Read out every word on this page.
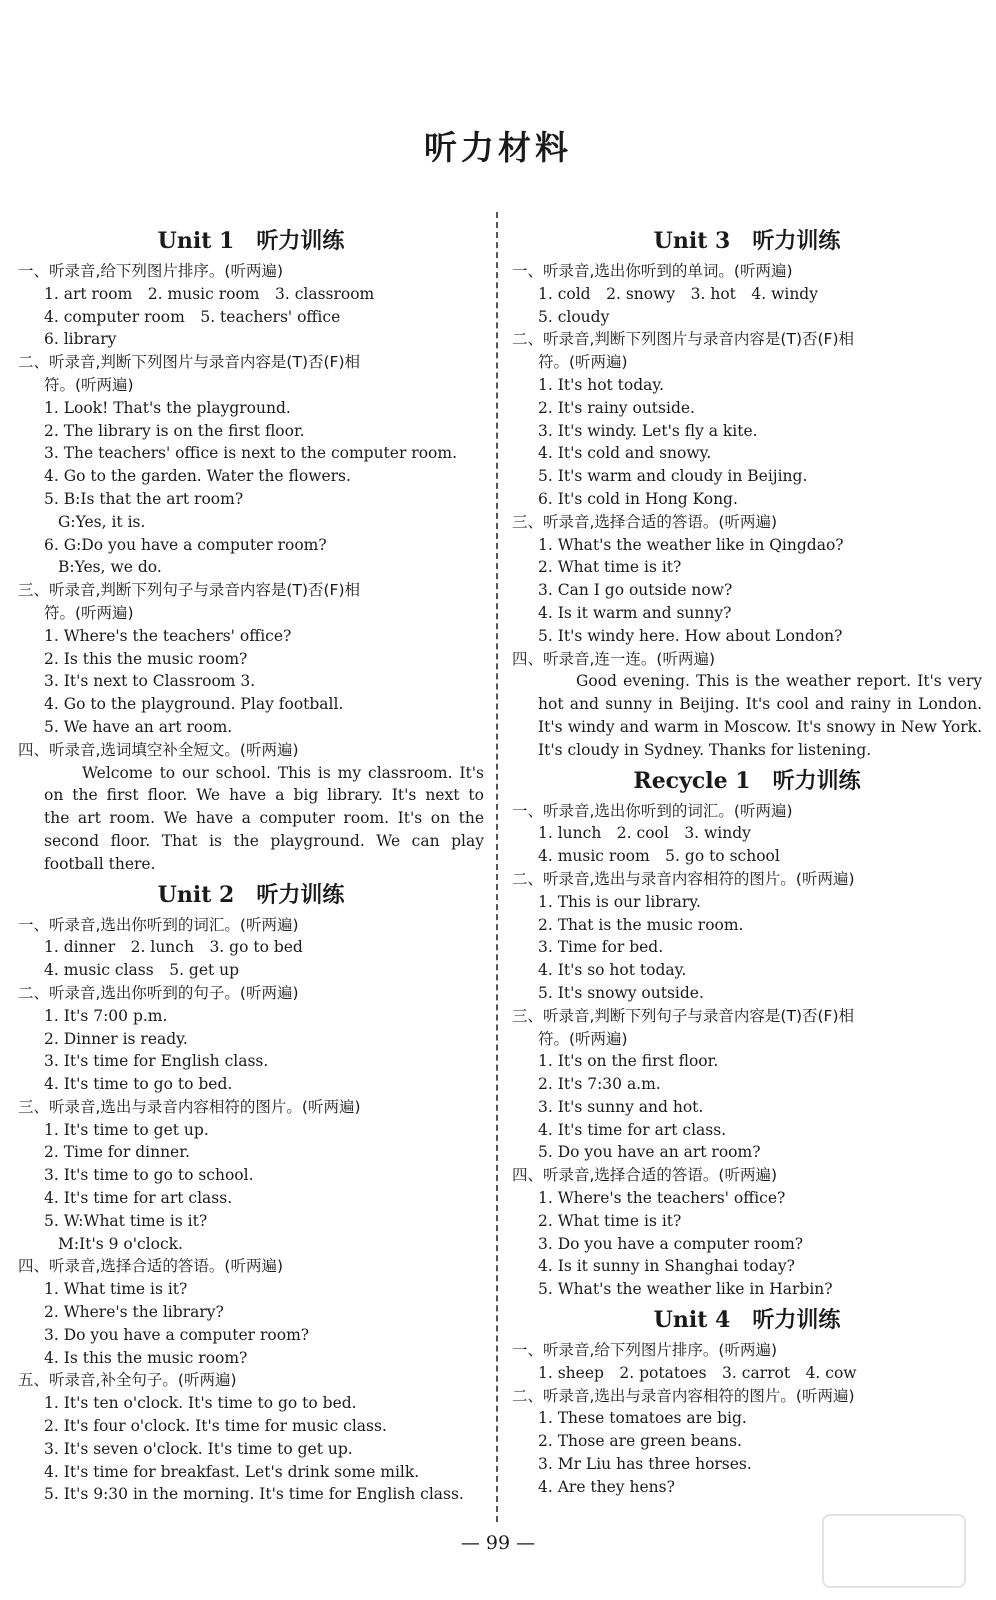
听力材料
Unit 1　听力训练
一、听录音,给下列图片排序。(听两遍)
1. art room　2. music room　3. classroom
4. computer room　5. teachers' office
6. library
二、听录音,判断下列图片与录音内容是(T)否(F)相
符。(听两遍)
1. Look! That's the playground.
2. The library is on the first floor.
3. The teachers' office is next to the computer room.
4. Go to the garden. Water the flowers.
5. B:Is that the art room?
G:Yes, it is.
6. G:Do you have a computer room?
B:Yes, we do.
三、听录音,判断下列句子与录音内容是(T)否(F)相
符。(听两遍)
1. Where's the teachers' office?
2. Is this the music room?
3. It's next to Classroom 3.
4. Go to the playground. Play football.
5. We have an art room.
四、听录音,选词填空补全短文。(听两遍)
Welcome to our school. This is my classroom. It's
on the first floor. We have a big library. It's next to
the art room. We have a computer room. It's on the
second floor. That is the playground. We can play
football there.
Unit 2　听力训练
一、听录音,选出你听到的词汇。(听两遍)
1. dinner　2. lunch　3. go to bed
4. music class　5. get up
二、听录音,选出你听到的句子。(听两遍)
1. It's 7:00 p.m.
2. Dinner is ready.
3. It's time for English class.
4. It's time to go to bed.
三、听录音,选出与录音内容相符的图片。(听两遍)
1. It's time to get up.
2. Time for dinner.
3. It's time to go to school.
4. It's time for art class.
5. W:What time is it?
M:It's 9 o'clock.
四、听录音,选择合适的答语。(听两遍)
1. What time is it?
2. Where's the library?
3. Do you have a computer room?
4. Is this the music room?
五、听录音,补全句子。(听两遍)
1. It's ten o'clock. It's time to go to bed.
2. It's four o'clock. It's time for music class.
3. It's seven o'clock. It's time to get up.
4. It's time for breakfast. Let's drink some milk.
5. It's 9:30 in the morning. It's time for English class.
Unit 3　听力训练
一、听录音,选出你听到的单词。(听两遍)
1. cold　2. snowy　3. hot　4. windy
5. cloudy
二、听录音,判断下列图片与录音内容是(T)否(F)相
符。(听两遍)
1. It's hot today.
2. It's rainy outside.
3. It's windy. Let's fly a kite.
4. It's cold and snowy.
5. It's warm and cloudy in Beijing.
6. It's cold in Hong Kong.
三、听录音,选择合适的答语。(听两遍)
1. What's the weather like in Qingdao?
2. What time is it?
3. Can I go outside now?
4. Is it warm and sunny?
5. It's windy here. How about London?
四、听录音,连一连。(听两遍)
Good evening. This is the weather report. It's very
hot and sunny in Beijing. It's cool and rainy in London.
It's windy and warm in Moscow. It's snowy in New York.
It's cloudy in Sydney. Thanks for listening.
Recycle 1　听力训练
一、听录音,选出你听到的词汇。(听两遍)
1. lunch　2. cool　3. windy
4. music room　5. go to school
二、听录音,选出与录音内容相符的图片。(听两遍)
1. This is our library.
2. That is the music room.
3. Time for bed.
4. It's so hot today.
5. It's snowy outside.
三、听录音,判断下列句子与录音内容是(T)否(F)相
符。(听两遍)
1. It's on the first floor.
2. It's 7:30 a.m.
3. It's sunny and hot.
4. It's time for art class.
5. Do you have an art room?
四、听录音,选择合适的答语。(听两遍)
1. Where's the teachers' office?
2. What time is it?
3. Do you have a computer room?
4. Is it sunny in Shanghai today?
5. What's the weather like in Harbin?
Unit 4　听力训练
一、听录音,给下列图片排序。(听两遍)
1. sheep　2. potatoes　3. carrot　4. cow
二、听录音,选出与录音内容相符的图片。(听两遍)
1. These tomatoes are big.
2. Those are green beans.
3. Mr Liu has three horses.
4. Are they hens?
— 99 —
